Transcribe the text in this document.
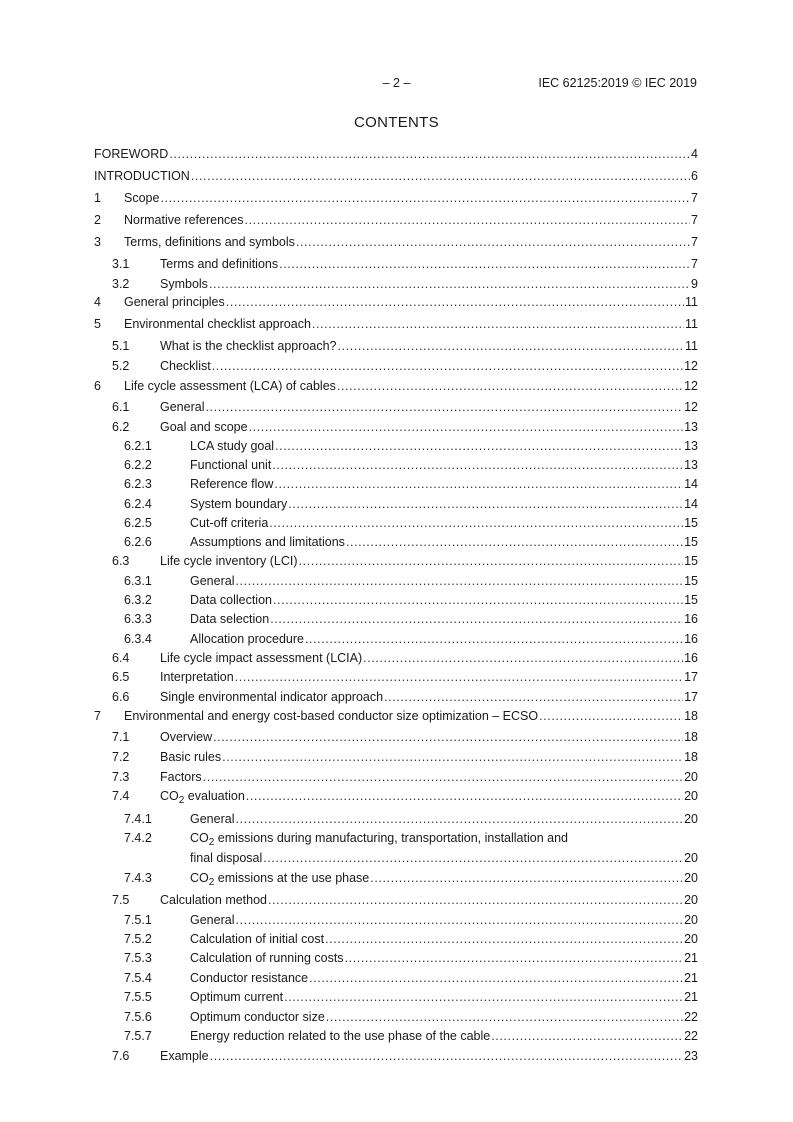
– 2 –	IEC 62125:2019 © IEC 2019
CONTENTS
FOREWORD .....	4
INTRODUCTION .....	6
1	Scope .....	7
2	Normative references .....	7
3	Terms, definitions and symbols .....	7
3.1 Terms and definitions .....	7
3.2 Symbols .....	9
4	General principles .....	11
5	Environmental checklist approach .....	11
5.1 What is the checklist approach? .....	11
5.2 Checklist .....	12
6	Life cycle assessment (LCA) of cables .....	12
6.1 General .....	12
6.2 Goal and scope .....	13
6.2.1	LCA study goal .....	13
6.2.2	Functional unit .....	13
6.2.3	Reference flow .....	14
6.2.4	System boundary .....	14
6.2.5	Cut-off criteria .....	15
6.2.6	Assumptions and limitations .....	15
6.3 Life cycle inventory (LCI) .....	15
6.3.1	General .....	15
6.3.2	Data collection .....	15
6.3.3	Data selection .....	16
6.3.4	Allocation procedure .....	16
6.4 Life cycle impact assessment (LCIA) .....	16
6.5 Interpretation .....	17
6.6 Single environmental indicator approach .....	17
7	Environmental and energy cost-based conductor size optimization – ECSO .....	18
7.1 Overview .....	18
7.2 Basic rules .....	18
7.3 Factors .....	20
7.4 $CO_2$ evaluation .....	20
7.4.1	General .....	20
7.4.2	$CO_2$ emissions during manufacturing, transportation, installation and
final disposal .....	20
7.4.3	$CO_2$ emissions at the use phase .....	20
7.5 Calculation method .....	20
7.5.1	General .....	20
7.5.2	Calculation of initial cost .....	20
7.5.3	Calculation of running costs .....	21
7.5.4	Conductor resistance .....	21
7.5.5	Optimum current .....	21
7.5.6	Optimum conductor size .....	22
7.5.7	Energy reduction related to the use phase of the cable .....	22
7.6 Example .....	23
